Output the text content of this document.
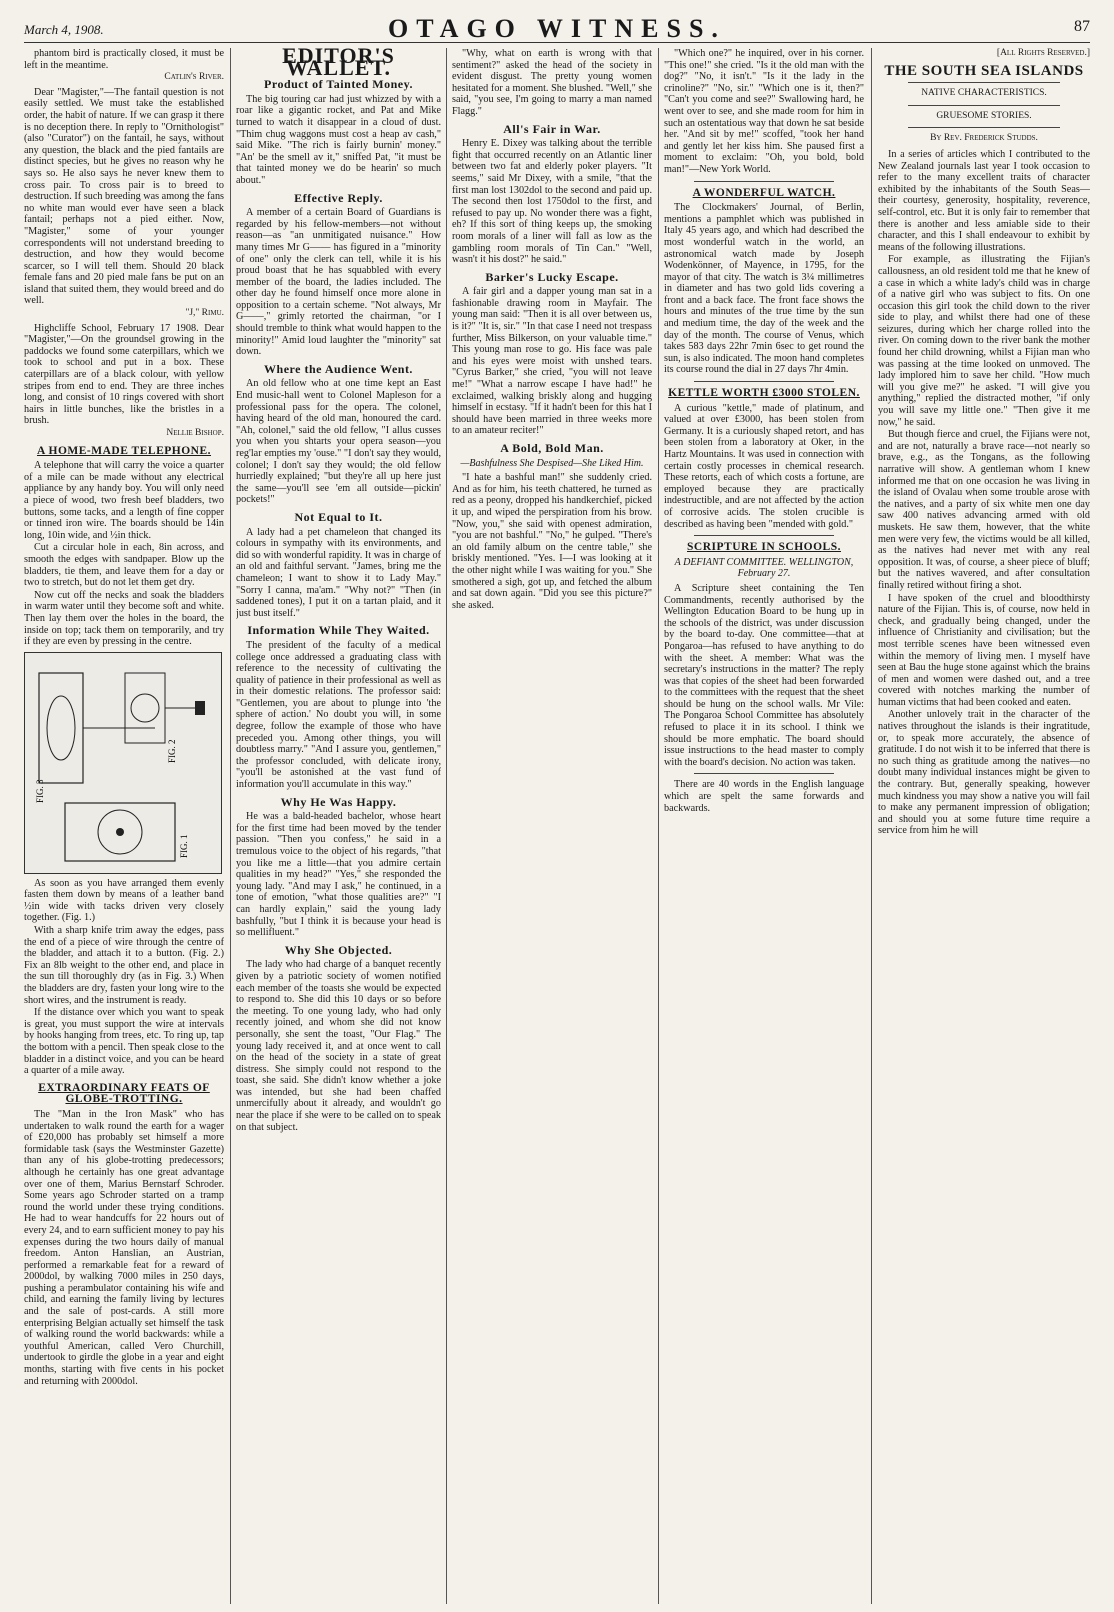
March 4, 1908.	OTAGO WITNESS.	87

phantom bird is practically closed, it must be left in the meantime.

Catlin's River.

Dear "Magister,"—The fantail question is not easily settled. We must take the established order, the habit of nature. If we can grasp it there is no deception there. In reply to "Ornithologist" (also "Curator") on the fantail, he says, without any question, the black and the pied fantails are distinct species, but he gives no reason why he says so. He also says he never knew them to cross pair. To cross pair is to breed to destruction. If such breeding was among the fans no white man would ever have seen a black fantail; perhaps not a pied either. Now, "Magister," some of your younger correspondents will not understand breeding to destruction, and how they would become scarcer, so I will tell them. Should 20 black female fans and 20 pied male fans be put on an island that suited them, they would breed and do well.

"J," Rimu.

Highcliffe School, February 17 1908. Dear "Magister,"—On the groundsel growing in the paddocks we found some caterpillars, which we took to school and put in a box. These caterpillars are of a black colour, with yellow stripes from end to end. They are three inches long, and consist of 10 rings covered with short hairs in little bunches, like the bristles in a brush.

Nellie Bishop.
A HOME-MADE TELEPHONE.

A telephone that will carry the voice a quarter of a mile can be made without any electrical appliance by any handy boy. You will only need a piece of wood, two fresh beef bladders, two buttons, some tacks, and a length of fine copper or tinned iron wire. The boards should be 14in long, 10in wide, and ½in thick.

Cut a circular hole in each, 8in across, and smooth the edges with sandpaper. Blow up the bladders, tie them, and leave them for a day or two to stretch, but do not let them get dry.

Now cut off the necks and soak the bladders in warm water until they become soft and white. Then lay them over the holes in the board, the inside on top; tack them on temporarily, and try if they are even by pressing in the centre.

FIG. 3
FIG. 2
FIG. 1

As soon as you have arranged them evenly fasten them down by means of a leather band ½in wide with tacks driven very closely together. (Fig. 1.)

With a sharp knife trim away the edges, pass the end of a piece of wire through the centre of the bladder, and attach it to a button. (Fig. 2.) Fix an 8lb weight to the other end, and place in the sun till thoroughly dry (as in Fig. 3.) When the bladders are dry, fasten your long wire to the short wires, and the instrument is ready.

If the distance over which you want to speak is great, you must support the wire at intervals by hooks hanging from trees, etc. To ring up, tap the bottom with a pencil. Then speak close to the bladder in a distinct voice, and you can be heard a quarter of a mile away.

EXTRAORDINARY FEATS OF GLOBE-TROTTING.

The "Man in the Iron Mask" who has undertaken to walk round the earth for a wager of £20,000 has probably set himself a more formidable task (says the Westminster Gazette) than any of his globe-trotting predecessors; although he certainly has one great advantage over one of them, Marius Bernstarf Schroder. Some years ago Schroder started on a tramp round the world under these trying conditions. He had to wear handcuffs for 22 hours out of every 24, and to earn sufficient money to pay his expenses during the two hours daily of manual freedom. Anton Hanslian, an Austrian, performed a remarkable feat for a reward of 2000dol, by walking 7000 miles in 250 days, pushing a perambulator containing his wife and child, and earning the family living by lectures and the sale of post-cards. A still more enterprising Belgian actually set himself the task of walking round the world backwards: while a youthful American, called Vero Churchill, undertook to girdle the globe in a year and eight months, starting with five cents in his pocket and returning with 2000dol.

EDITOR'S WALLET.
Product of Tainted Money.

The big touring car had just whizzed by with a roar like a gigantic rocket, and Pat and Mike turned to watch it disappear in a cloud of dust. "Thim chug waggons must cost a heap av cash," said Mike. "The rich is fairly burnin' money." "An' be the smell av it," sniffed Pat, "it must be that tainted money we do be hearin' so much about."

Effective Reply.

A member of a certain Board of Guardians is regarded by his fellow-members—not without reason—as "an unmitigated nuisance." How many times Mr G—— has figured in a "minority of one" only the clerk can tell, while it is his proud boast that he has squabbled with every member of the board, the ladies included. The other day he found himself once more alone in opposition to a certain scheme. "Not always, Mr G——," grimly retorted the chairman, "or I should tremble to think what would happen to the minority!" Amid loud laughter the "minority" sat down.

Where the Audience Went.

An old fellow who at one time kept an East End music-hall went to Colonel Mapleson for a professional pass for the opera. The colonel, having heard of the old man, honoured the card. "Ah, colonel," said the old fellow, "I allus cusses you when you shtarts your opera season—you reg'lar empties my 'ouse." "I don't say they would, colonel; I don't say they would; the old fellow hurriedly explained; "but they're all up here just the same—you'll see 'em all outside—pickin' pockets!"

Not Equal to It.

A lady had a pet chameleon that changed its colours in sympathy with its environments, and did so with wonderful rapidity. It was in charge of an old and faithful servant. "James, bring me the chameleon; I want to show it to Lady May." "Sorry I canna, ma'am." "Why not?" "Then (in saddened tones), I put it on a tartan plaid, and it just bust itself."

Information While They Waited.

The president of the faculty of a medical college once addressed a graduating class with reference to the necessity of cultivating the quality of patience in their professional as well as in their domestic relations. The professor said: "Gentlemen, you are about to plunge into 'the sphere of action.' No doubt you will, in some degree, follow the example of those who have preceded you. Among other things, you will doubtless marry." "And I assure you, gentlemen," the professor concluded, with delicate irony, "you'll be astonished at the vast fund of information you'll accumulate in this way."

Why He Was Happy.

He was a bald-headed bachelor, whose heart for the first time had been moved by the tender passion. "Then you confess," he said in a tremulous voice to the object of his regards, "that you like me a little—that you admire certain qualities in my head?" "Yes," she responded the young lady. "And may I ask," he continued, in a tone of emotion, "what those qualities are?" "I can hardly explain," said the young lady bashfully, "but I think it is because your head is so mellifluent."

Why She Objected.

The lady who had charge of a banquet recently given by a patriotic society of women notified each member of the toasts she would be expected to respond to. She did this 10 days or so before the meeting. To one young lady, who had only recently joined, and whom she did not know personally, she sent the toast, "Our Flag." The young lady received it, and at once went to call on the head of the society in a state of great distress. She simply could not respond to the toast, she said. She didn't know whether a joke was intended, but she had been chaffed unmercifully about it already, and wouldn't go near the place if she were to be called on to speak on that subject.

"Why, what on earth is wrong with that sentiment?" asked the head of the society in evident disgust. The pretty young women hesitated for a moment. She blushed. "Well," she said, "you see, I'm going to marry a man named Flagg."

All's Fair in War.

Henry E. Dixey was talking about the terrible fight that occurred recently on an Atlantic liner between two fat and elderly poker players. "It seems," said Mr Dixey, with a smile, "that the first man lost 1302dol to the second and paid up. The second then lost 1750dol to the first, and refused to pay up. No wonder there was a fight, eh? If this sort of thing keeps up, the smoking room morals of a liner will fall as low as the gambling room morals of Tin Can." "Well, wasn't it his dost?" he said."

Barker's Lucky Escape.

A fair girl and a dapper young man sat in a fashionable drawing room in Mayfair. The young man said: "Then it is all over between us, is it?" "It is, sir." "In that case I need not trespass further, Miss Bilkerson, on your valuable time." This young man rose to go. His face was pale and his eyes were moist with unshed tears. "Cyrus Barker," she cried, "you will not leave me!" "What a narrow escape I have had!" he exclaimed, walking briskly along and hugging himself in ecstasy. "If it hadn't been for this hat I should have been married in three weeks more to an amateur reciter!"

A Bold, Bold Man.
—Bashfulness She Despised—She Liked Him.

"I hate a bashful man!" she suddenly cried. And as for him, his teeth chattered, he turned as red as a peony, dropped his handkerchief, picked it up, and wiped the perspiration from his brow. "Now, you," she said with openest admiration, "you are not bashful." "No," he gulped. "There's an old family album on the centre table," she briskly mentioned. "Yes. I—I was looking at it the other night while I was waiting for you." She smothered a sigh, got up, and fetched the album and sat down again. "Did you see this picture?" she asked.

"Which one?" he inquired, over in his corner. "This one!" she cried. "Is it the old man with the dog?" "No, it isn't." "Is it the lady in the crinoline?" "No, sir." "Which one is it, then?" "Can't you come and see?" Swallowing hard, he went over to see, and she made room for him in such an ostentatious way that down he sat beside her. "And sit by me!" scoffed, "took her hand and gently let her kiss him. She paused first a moment to exclaim: "Oh, you bold, bold man!"—New York World.

A WONDERFUL WATCH.

The Clockmakers' Journal, of Berlin, mentions a pamphlet which was published in Italy 45 years ago, and which had described the most wonderful watch in the world, an astronomical watch made by Joseph Wodenkönner, of Mayence, in 1795, for the mayor of that city. The watch is 3¼ millimetres in diameter and has two gold lids covering a front and a back face. The front face shows the hours and minutes of the true time by the sun and medium time, the day of the week and the day of the month. The course of Venus, which takes 583 days 22hr 7min 6sec to get round the sun, is also indicated. The moon hand completes its course round the dial in 27 days 7hr 4min.

KETTLE WORTH £3000 STOLEN.

A curious "kettle," made of platinum, and valued at over £3000, has been stolen from Germany. It is a curiously shaped retort, and has been stolen from a laboratory at Oker, in the Hartz Mountains. It was used in connection with certain costly processes in chemical research. These retorts, each of which costs a fortune, are employed because they are practically indestructible, and are not affected by the action of corrosive acids. The stolen crucible is described as having been "mended with gold."

SCRIPTURE IN SCHOOLS.
A DEFIANT COMMITTEE. WELLINGTON, February 27.

A Scripture sheet containing the Ten Commandments, recently authorised by the Wellington Education Board to be hung up in the schools of the district, was under discussion by the board to-day. One committee—that at Pongaroa—has refused to have anything to do with the sheet. A member: What was the secretary's instructions in the matter? The reply was that copies of the sheet had been forwarded to the committees with the request that the sheet should be hung on the school walls. Mr Vile: The Pongaroa School Committee has absolutely refused to place it in its school. I think we should be more emphatic. The board should issue instructions to the head master to comply with the board's decision. No action was taken.

There are 40 words in the English language which are spelt the same forwards and backwards.

[All Rights Reserved.]
THE SOUTH SEA ISLANDS
NATIVE CHARACTERISTICS.
GRUESOME STORIES.
By Rev. Frederick Studds.

In a series of articles which I contributed to the New Zealand journals last year I took occasion to refer to the many excellent traits of character exhibited by the inhabitants of the South Seas—their courtesy, generosity, hospitality, reverence, self-control, etc. But it is only fair to remember that there is another and less amiable side to their character, and this I shall endeavour to exhibit by means of the following illustrations.

For example, as illustrating the Fijian's callousness, an old resident told me that he knew of a case in which a white lady's child was in charge of a native girl who was subject to fits. On one occasion this girl took the child down to the river side to play, and whilst there had one of these seizures, during which her charge rolled into the river. On coming down to the river bank the mother found her child drowning, whilst a Fijian man who was passing at the time looked on unmoved. The lady implored him to save her child. "How much will you give me?" he asked. "I will give you anything," replied the distracted mother, "if only you will save my little one." "Then give it me now," he said.

But though fierce and cruel, the Fijians were not, and are not, naturally a brave race—not nearly so brave, e.g., as the Tongans, as the following narrative will show. A gentleman whom I knew informed me that on one occasion he was living in the island of Ovalau when some trouble arose with the natives, and a party of six white men one day saw 400 natives advancing armed with old muskets. He saw them, however, that the white men were very few, the victims would be all killed, as the natives had never met with any real opposition. It was, of course, a sheer piece of bluff; but the natives wavered, and after consultation finally retired without firing a shot.

I have spoken of the cruel and bloodthirsty nature of the Fijian. This is, of course, now held in check, and gradually being changed, under the influence of Christianity and civilisation; but the most terrible scenes have been witnessed even within the memory of living men. I myself have seen at Bau the huge stone against which the brains of men and women were dashed out, and a tree covered with notches marking the number of human victims that had been cooked and eaten.

Another unlovely trait in the character of the natives throughout the islands is their ingratitude, or, to speak more accurately, the absence of gratitude. I do not wish it to be inferred that there is no such thing as gratitude among the natives—no doubt many individual instances might be given to the contrary. But, generally speaking, however much kindness you may show a native you will fail to make any permanent impression of obligation; and should you at some future time require a service from him he will
